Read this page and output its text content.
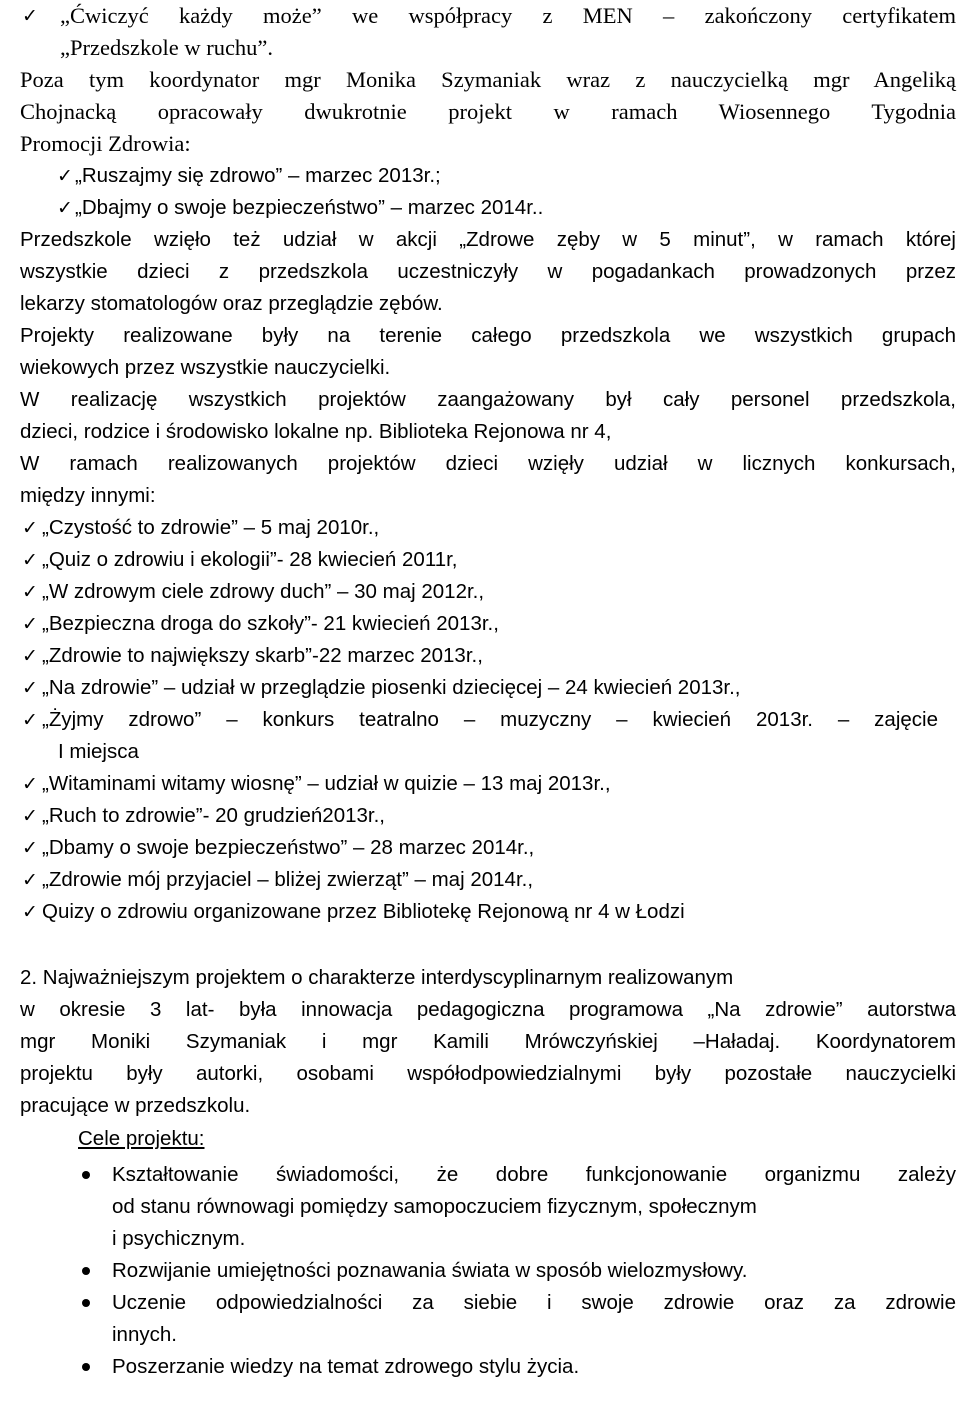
✓ „Ćwiczyć każdy może” we współpracy z MEN – zakończony certyfikatem
„Przedszkole w ruchu”.
Poza tym koordynator mgr Monika Szymaniak wraz z nauczycielką mgr Angeliką
Chojnacką opracowały dwukrotnie projekt w ramach Wiosennego Tygodnia
Promocji Zdrowia:
✓ „Ruszajmy się zdrowo” – marzec 2013r.;
✓ „Dbajmy o swoje bezpieczeństwo” – marzec 2014r..
Przedszkole wzięło też udział w akcji „Zdrowe zęby w 5 minut”, w ramach której
wszystkie dzieci z przedszkola uczestniczyły w pogadankach prowadzonych przez
lekarzy stomatologów oraz przeglądzie zębów.
Projekty realizowane były na terenie całego przedszkola we wszystkich grupach
wiekowych przez wszystkie nauczycielki.
W realizację wszystkich projektów zaangażowany był cały personel przedszkola,
dzieci, rodzice i środowisko lokalne np. Biblioteka Rejonowa nr 4,
W ramach realizowanych projektów dzieci wzięły udział w licznych konkursach,
między innymi:
✓ „Czystość to zdrowie” – 5 maj 2010r.,
✓ „Quiz o zdrowiu i ekologii”- 28 kwiecień 2011r,
✓ „W zdrowym ciele zdrowy duch” – 30 maj 2012r.,
✓ „Bezpieczna droga do szkoły”- 21 kwiecień 2013r.,
✓ „Zdrowie to największy skarb”-22 marzec 2013r.,
✓ „Na zdrowie” – udział w przeglądzie piosenki dziecięcej – 24 kwiecień 2013r.,
✓ „Żyjmy zdrowo” – konkurs teatralno – muzyczny – kwiecień 2013r. – zajęcie
I miejsca
✓ „Witaminami witamy wiosnę” – udział w quizie – 13 maj 2013r.,
✓ „Ruch to zdrowie”- 20 grudzień2013r.,
✓ „Dbamy o swoje bezpieczeństwo” – 28 marzec 2014r.,
✓ „Zdrowie mój przyjaciel – bliżej zwierząt” – maj 2014r.,
✓ Quizy o zdrowiu organizowane przez Bibliotekę Rejonową nr 4 w Łodzi
2. Najważniejszym projektem o charakterze interdyscyplinarnym realizowanym
w okresie 3 lat- była innowacja pedagogiczna programowa „Na zdrowie” autorstwa
mgr Moniki Szymaniak i mgr Kamili Mrówczyńskiej –Haładaj. Koordynatorem
projektu były autorki, osobami współodpowiedzialnymi były pozostałe nauczycielki
pracujące w przedszkolu.
Cele projektu:
Kształtowanie świadomości, że dobre funkcjonowanie organizmu zależy
od stanu równowagi pomiędzy samopoczuciem fizycznym, społecznym
i psychicznym.
Rozwijanie umiejętności poznawania świata w sposób wielozmysłowy.
Uczenie odpowiedzialności za siebie i swoje zdrowie oraz za zdrowie
innych.
Poszerzanie wiedzy na temat zdrowego stylu życia.
